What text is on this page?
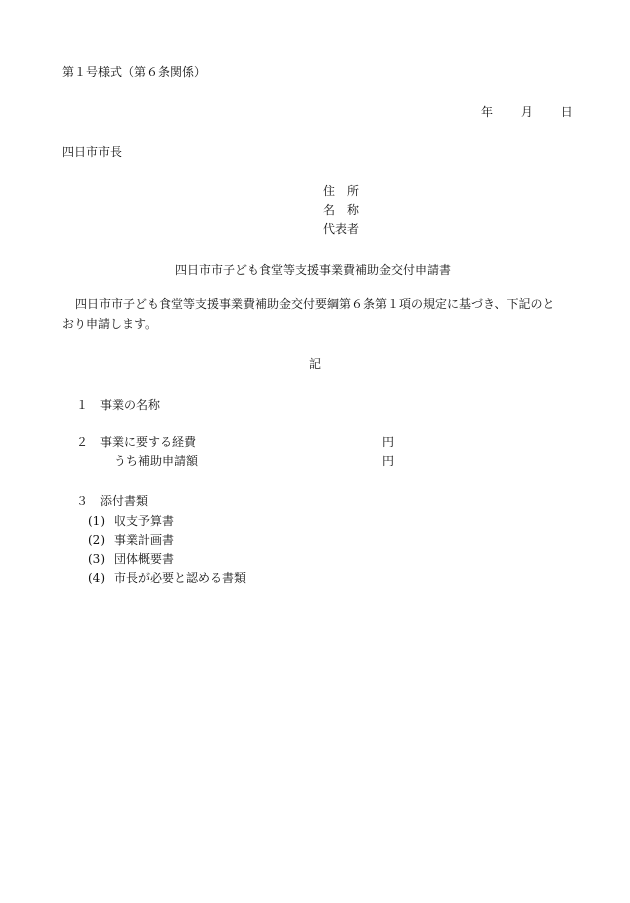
第１号様式（第６条関係）
年 月 日
四日市市長
住　所
名　称
代表者
四日市市子ども食堂等支援事業費補助金交付申請書
四日市市子ども食堂等支援事業費補助金交付要綱第６条第１項の規定に基づき、下記のと
おり申請します。
記
１ 事業の名称
２ 事業に要する経費	円
うち補助申請額	円
３ 添付書類
(1) 収支予算書
(2) 事業計画書
(3) 団体概要書
(4) 市長が必要と認める書類
